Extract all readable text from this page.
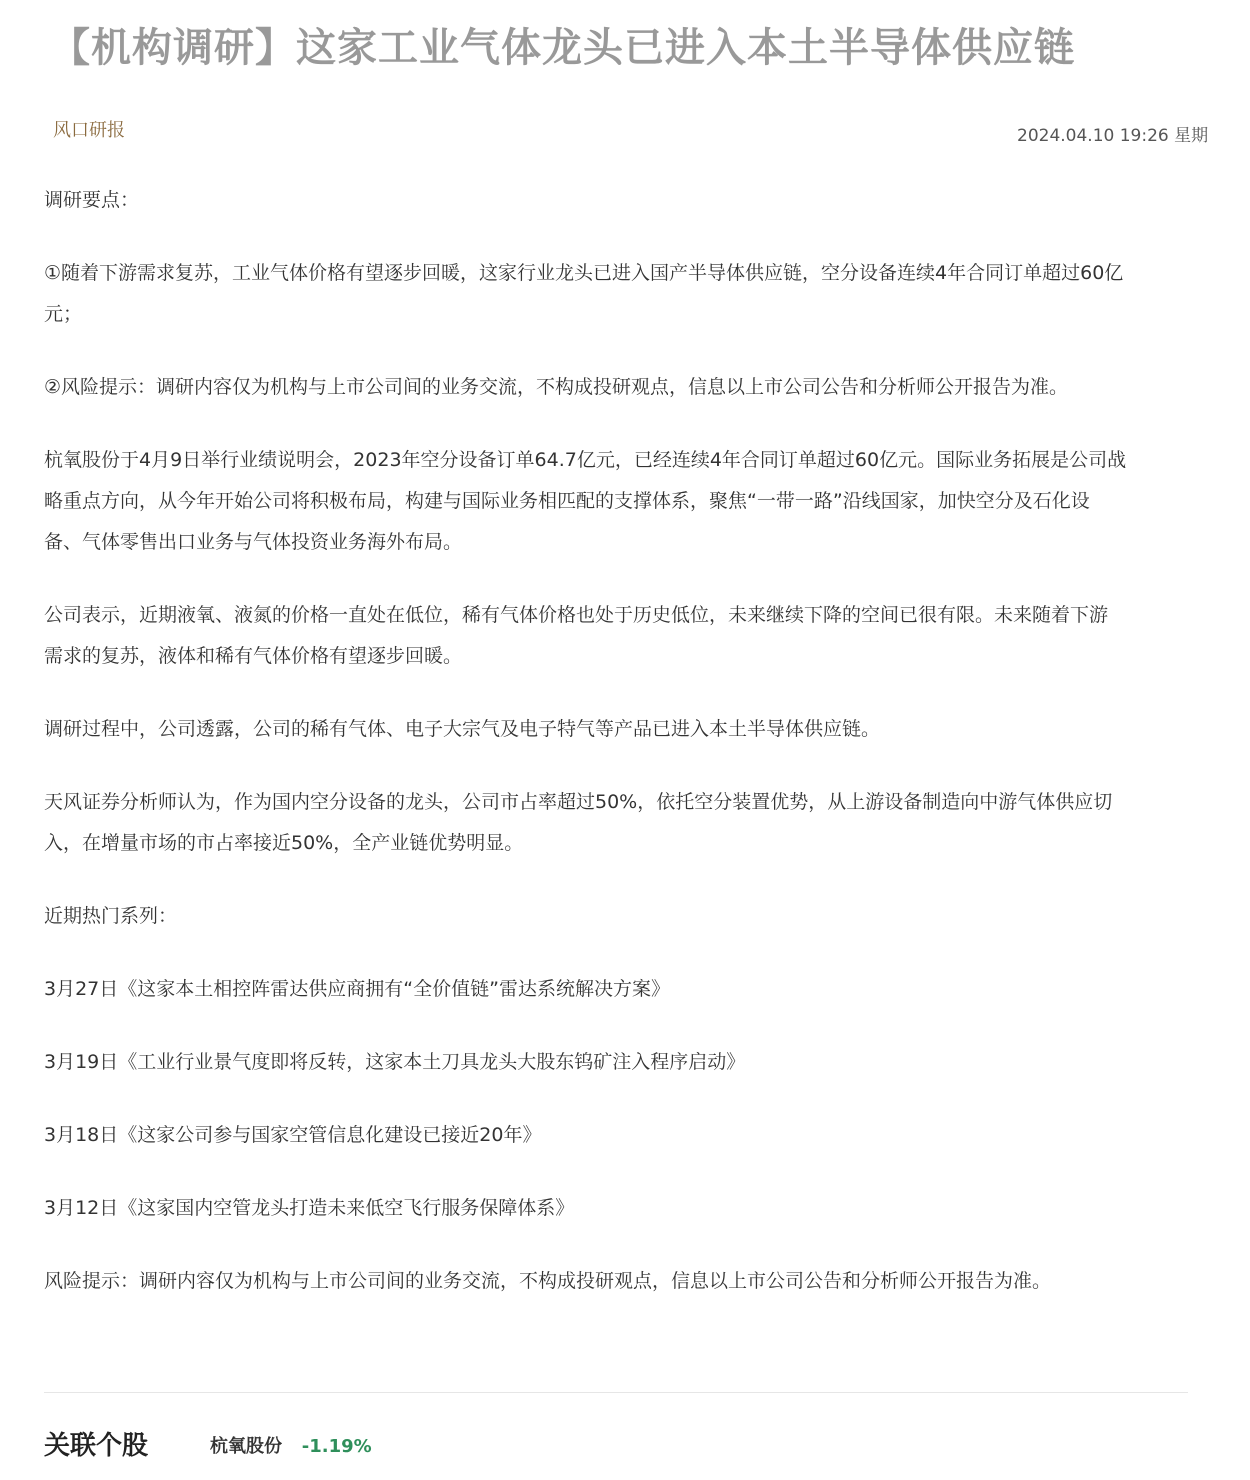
【机构调研】这家工业气体龙头已进入本土半导体供应链
风口研报	2024.04.10 19:26 星期
调研要点：
①随着下游需求复苏，工业气体价格有望逐步回暖，这家行业龙头已进入国产半导体供应链，空分设备连续4年合同订单超过60亿
元；
②风险提示：调研内容仅为机构与上市公司间的业务交流，不构成投研观点，信息以上市公司公告和分析师公开报告为准。
杭氧股份于4月9日举行业绩说明会，2023年空分设备订单64.7亿元，已经连续4年合同订单超过60亿元。国际业务拓展是公司战
略重点方向，从今年开始公司将积极布局，构建与国际业务相匹配的支撑体系，聚焦“一带一路”沿线国家，加快空分及石化设
备、气体零售出口业务与气体投资业务海外布局。
公司表示，近期液氧、液氮的价格一直处在低位，稀有气体价格也处于历史低位，未来继续下降的空间已很有限。未来随着下游
需求的复苏，液体和稀有气体价格有望逐步回暖。
调研过程中，公司透露，公司的稀有气体、电子大宗气及电子特气等产品已进入本土半导体供应链。
天风证券分析师认为，作为国内空分设备的龙头，公司市占率超过50%，依托空分装置优势，从上游设备制造向中游气体供应切
入，在增量市场的市占率接近50%，全产业链优势明显。
近期热门系列：
3月27日《这家本土相控阵雷达供应商拥有“全价值链”雷达系统解决方案》
3月19日《工业行业景气度即将反转，这家本土刀具龙头大股东钨矿注入程序启动》
3月18日《这家公司参与国家空管信息化建设已接近20年》
3月12日《这家国内空管龙头打造未来低空飞行服务保障体系》
风险提示：调研内容仅为机构与上市公司间的业务交流，不构成投研观点，信息以上市公司公告和分析师公开报告为准。
关联个股	杭氧股份 -1.19%
